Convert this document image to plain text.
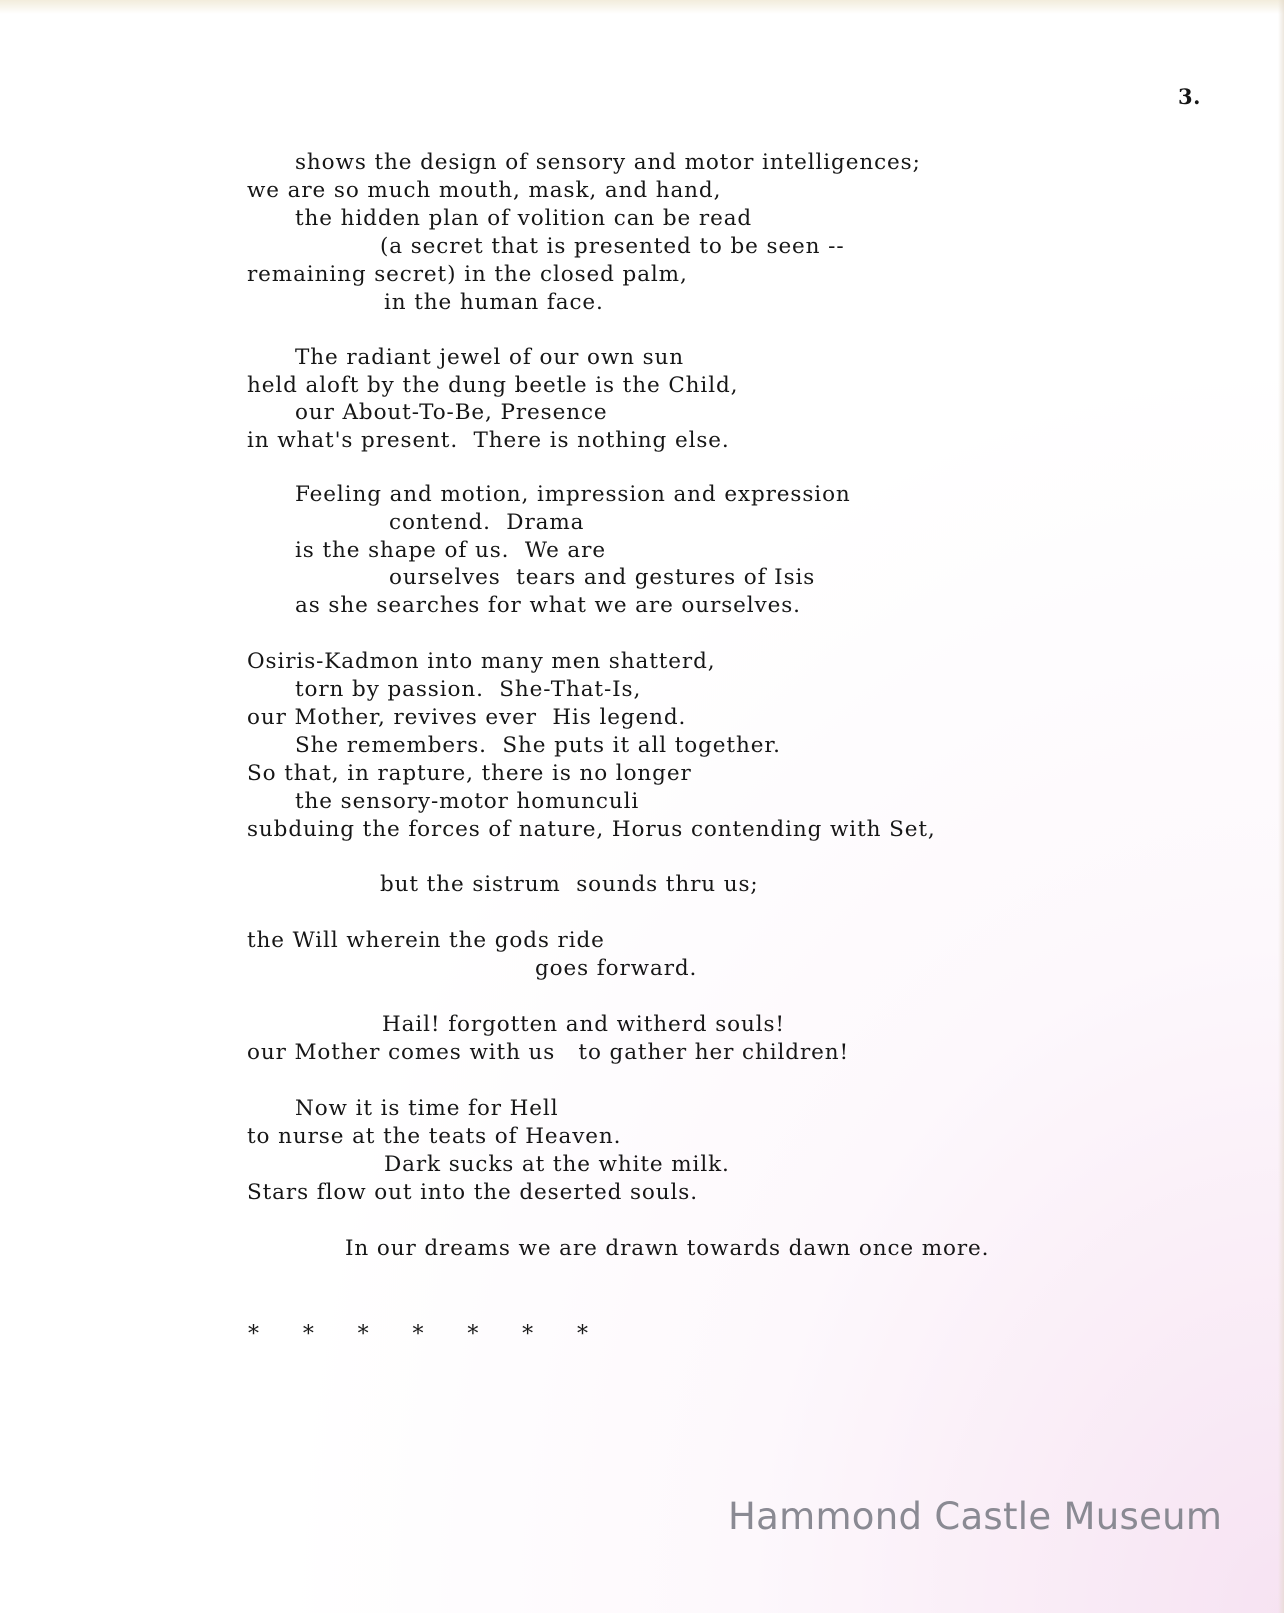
3.
shows the design of sensory and motor intelligences;
we are so much mouth, mask, and hand,
the hidden plan of volition can be read
(a secret that is presented to be seen --
remaining secret) in the closed palm,
in the human face.
The radiant jewel of our own sun
held aloft by the dung beetle is the Child,
our About-To-Be, Presence
in what's present.  There is nothing else.
Feeling and motion, impression and expression
contend.  Drama
is the shape of us.  We are
ourselves  tears and gestures of Isis
as she searches for what we are ourselves.
Osiris-Kadmon into many men shatterd,
torn by passion.  She-That-Is,
our Mother, revives ever  His legend.
She remembers.  She puts it all together.
So that, in rapture, there is no longer
the sensory-motor homunculi
subduing the forces of nature, Horus contending with Set,
but the sistrum  sounds thru us;
the Will wherein the gods ride
goes forward.
Hail! forgotten and witherd souls!
our Mother comes with us   to gather her children!
Now it is time for Hell
to nurse at the teats of Heaven.
Dark sucks at the white milk.
Stars flow out into the deserted souls.
In our dreams we are drawn towards dawn once more.
* * * * * * *
Hammond Castle Museum
